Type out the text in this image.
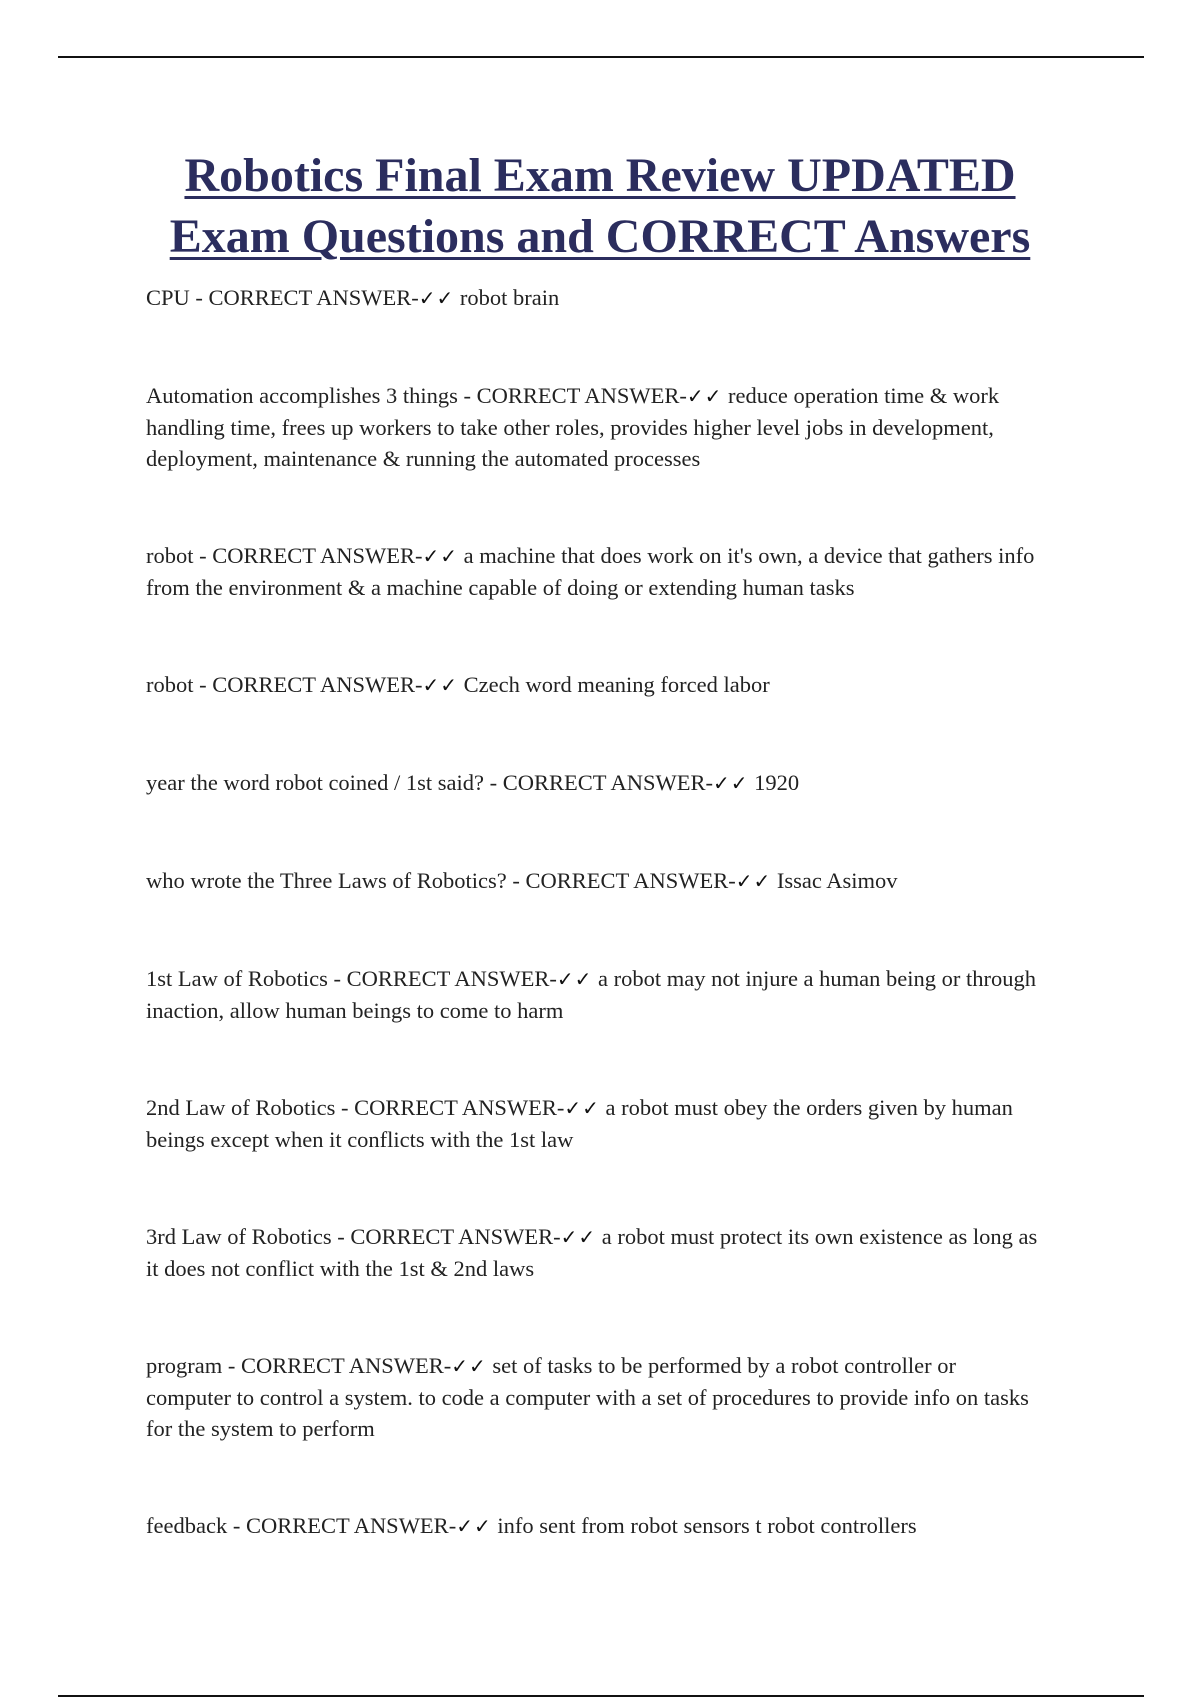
Robotics Final Exam Review UPDATED
Exam Questions and CORRECT Answers

CPU - CORRECT ANSWER-✓✓ robot brain

Automation accomplishes 3 things - CORRECT ANSWER-✓✓ reduce operation time & work handling time, frees up workers to take other roles, provides higher level jobs in development, deployment, maintenance & running the automated processes

robot - CORRECT ANSWER-✓✓ a machine that does work on it's own, a device that gathers info from the environment & a machine capable of doing or extending human tasks

robot - CORRECT ANSWER-✓✓ Czech word meaning forced labor

year the word robot coined / 1st said? - CORRECT ANSWER-✓✓ 1920

who wrote the Three Laws of Robotics? - CORRECT ANSWER-✓✓ Issac Asimov

1st Law of Robotics - CORRECT ANSWER-✓✓ a robot may not injure a human being or through inaction, allow human beings to come to harm

2nd Law of Robotics - CORRECT ANSWER-✓✓ a robot must obey the orders given by human beings except when it conflicts with the 1st law

3rd Law of Robotics - CORRECT ANSWER-✓✓ a robot must protect its own existence as long as it does not conflict with the 1st & 2nd laws

program - CORRECT ANSWER-✓✓ set of tasks to be performed by a robot controller or computer to control a system. to code a computer with a set of procedures to provide info on tasks for the system to perform

feedback - CORRECT ANSWER-✓✓ info sent from robot sensors t robot controllers
